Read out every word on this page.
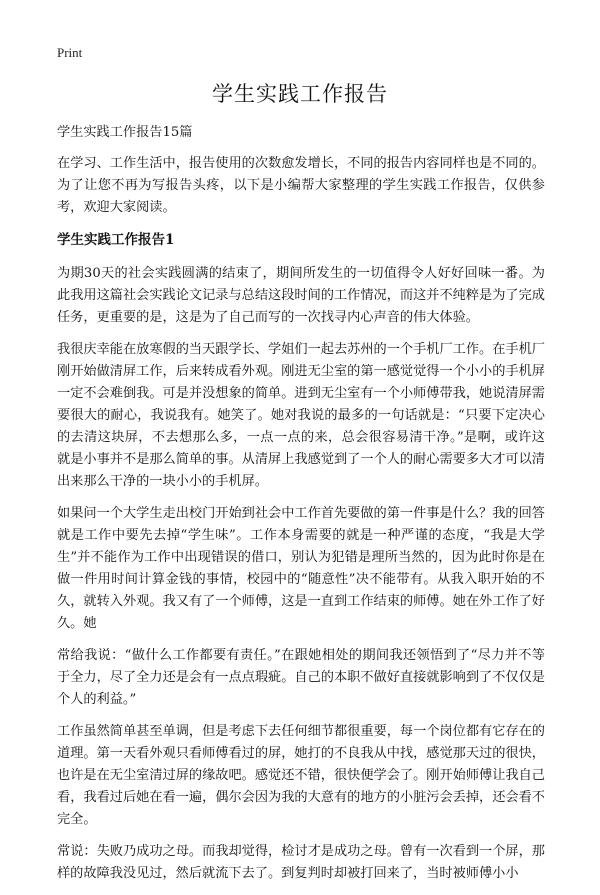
Print
学生实践工作报告

学生实践工作报告15篇

在学习、工作生活中，报告使用的次数愈发增长，不同的报告内容同样也是不同的。为了让您不再为写报告头疼，以下是小编帮大家整理的学生实践工作报告，仅供参考，欢迎大家阅读。

学生实践工作报告1

为期30天的社会实践圆满的结束了，期间所发生的一切值得令人好好回味一番。为此我用这篇社会实践论文记录与总结这段时间的工作情况，而这并不纯粹是为了完成任务，更重要的是，这是为了自己而写的一次找寻内心声音的伟大体验。

我很庆幸能在放寒假的当天跟学长、学姐们一起去苏州的一个手机厂工作。在手机厂刚开始做清屏工作，后来转成看外观。刚进无尘室的第一感觉觉得一个小小的手机屏一定不会难倒我。可是并没想象的简单。进到无尘室有一个小师傅带我，她说清屏需要很大的耐心，我说我有。她笑了。她对我说的最多的一句话就是：“只要下定决心的去清这块屏，不去想那么多，一点一点的来，总会很容易清干净。”是啊，或许这就是小事并不是那么简单的事。从清屏上我感觉到了一个人的耐心需要多大才可以清出来那么干净的一块小小的手机屏。

如果问一个大学生走出校门开始到社会中工作首先要做的第一件事是什么？我的回答就是工作中要先去掉“学生味”。工作本身需要的就是一种严谨的态度，“我是大学生”并不能作为工作中出现错误的借口，别认为犯错是理所当然的，因为此时你是在做一件用时间计算金钱的事情，校园中的“随意性”决不能带有。从我入职开始的不久，就转入外观。我又有了一个师傅，这是一直到工作结束的师傅。她在外工作了好久。她

常给我说：“做什么工作都要有责任。”在跟她相处的期间我还领悟到了“尽力并不等于全力，尽了全力还是会有一点点瑕疵。自己的本职不做好直接就影响到了不仅仅是个人的利益。”

工作虽然简单甚至单调，但是考虑下去任何细节都很重要，每一个岗位都有它存在的道理。第一天看外观只看师傅看过的屏，她打的不良我从中找，感觉那天过的很快，也许是在无尘室清过屏的缘故吧。感觉还不错，很快便学会了。刚开始师傅让我自己看，我看过后她在看一遍，偶尔会因为我的大意有的地方的小脏污会丢掉，还会看不完全。

常说：失败乃成功之母。而我却觉得，检讨才是成功之母。曾有一次看到一个屏，那样的故障我没见过，然后就流下去了。到复判时却被打回来了，当时被师傅小小
